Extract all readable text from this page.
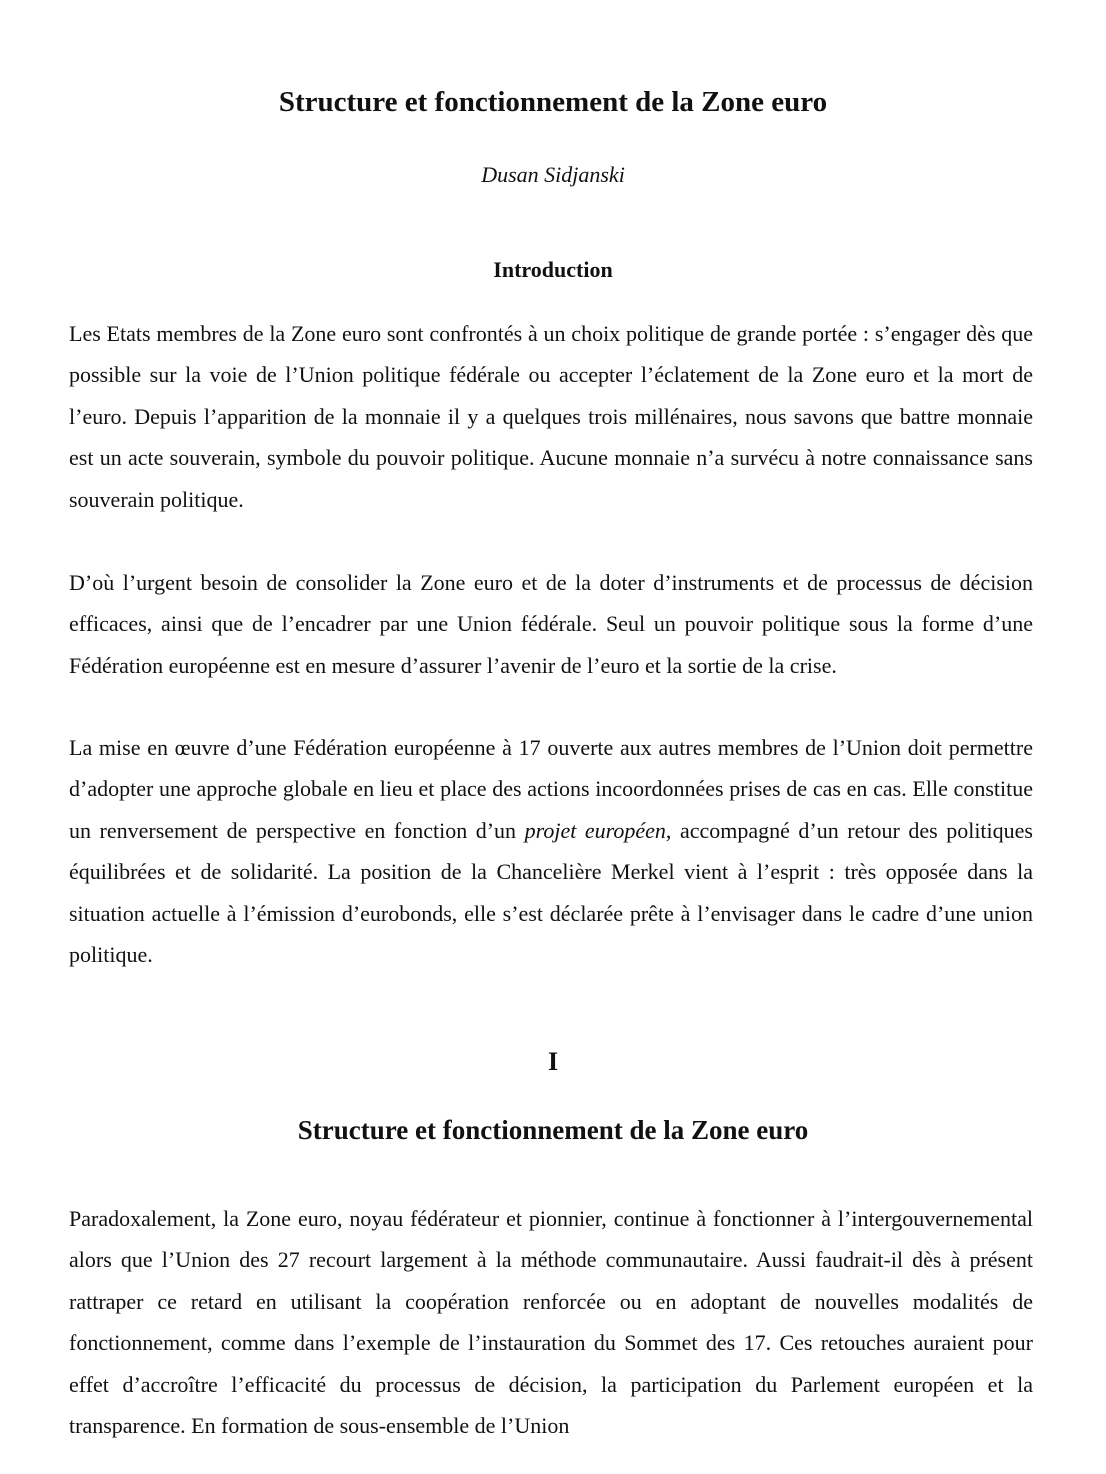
Structure et fonctionnement de la Zone euro

Dusan Sidjanski

Introduction

Les Etats membres de la Zone euro sont confrontés à un choix politique de grande portée : s’engager dès que possible sur la voie de l’Union politique fédérale ou accepter l’éclatement de la Zone euro et la mort de l’euro. Depuis l’apparition de la monnaie il y a quelques trois millénaires, nous savons que battre monnaie est un acte souverain, symbole du pouvoir politique. Aucune monnaie n’a survécu à notre connaissance sans souverain politique.

D’où l’urgent besoin de consolider la Zone euro et de la doter d’instruments et de processus de décision efficaces, ainsi que de l’encadrer par une Union fédérale. Seul un pouvoir politique sous la forme d’une Fédération européenne est en mesure d’assurer l’avenir de l’euro et la sortie de la crise.

La mise en œuvre d’une Fédération européenne à 17 ouverte aux autres membres de l’Union doit permettre d’adopter une approche globale en lieu et place des actions incoordonnées prises de cas en cas. Elle constitue un renversement de perspective en fonction d’un projet européen, accompagné d’un retour des politiques équilibrées et de solidarité. La position de la Chancelière Merkel vient à l’esprit : très opposée dans la situation actuelle à l’émission d’eurobonds, elle s’est déclarée prête à l’envisager dans le cadre d’une union politique.

I
Structure et fonctionnement de la Zone euro

Paradoxalement, la Zone euro, noyau fédérateur et pionnier, continue à fonctionner à l’intergouvernemental alors que l’Union des 27 recourt largement à la méthode communautaire. Aussi faudrait-il dès à présent rattraper ce retard en utilisant la coopération renforcée ou en adoptant de nouvelles modalités de fonctionnement, comme dans l’exemple de l’instauration du Sommet des 17. Ces retouches auraient pour effet d’accroître l’efficacité du processus de décision, la participation du Parlement européen et la transparence. En formation de sous-ensemble de l’Union
